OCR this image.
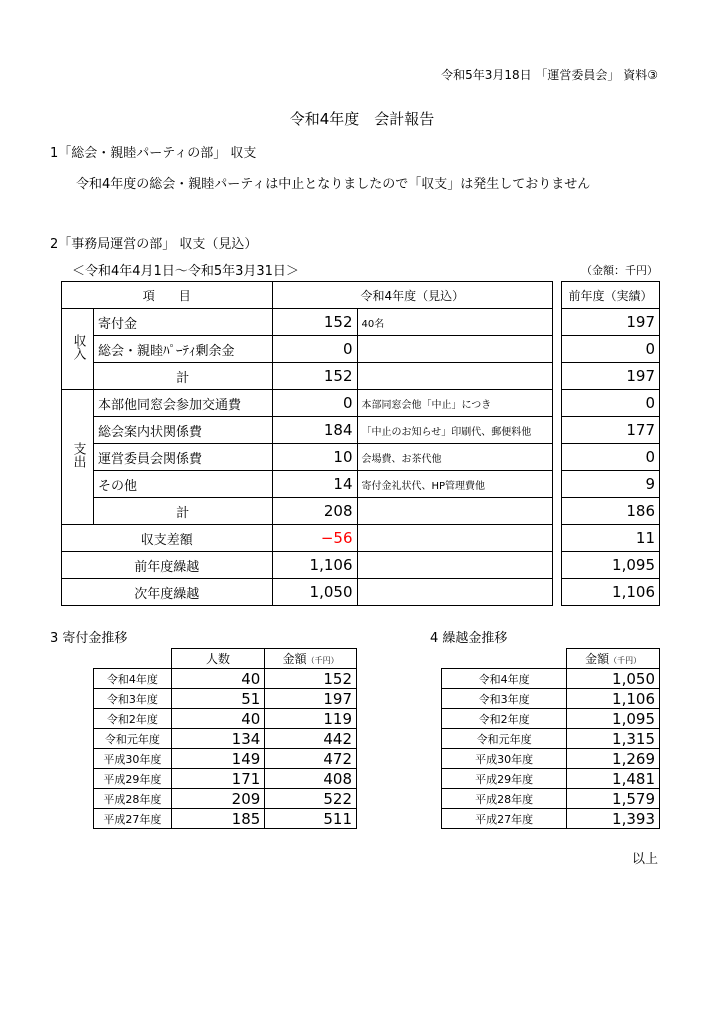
令和5年3月18日 「運営委員会」 資料③
令和4年度　会計報告
1「総会・親睦パーティの部」 収支
令和4年度の総会・親睦パーティは中止となりましたので「収支」は発生しておりません
2「事務局運営の部」 収支（見込）
＜令和4年4月1日～令和5年3月31日＞	（金額：千円）
項　　目		令和4年度（見込）			前年度（実績）
収入	寄付金	152	40名		197
	総会・親睦ﾊﾟｰﾃｨ剰余金	0			0
	計	152			197
支出	本部他同窓会参加交通費	0	本部同窓会他「中止」につき		0
	総会案内状関係費	184	「中止のお知らせ」印刷代、郵便料他		177
	運営委員会関係費	10	会場費、お茶代他		0
	その他	14	寄付金礼状代、HP管理費他		9
	計	208			186
収支差額		−56			11
前年度繰越		1,106			1,095
次年度繰越		1,050			1,106
3 寄付金推移
	人数	金額（千円）
令和4年度	40	152
令和3年度	51	197
令和2年度	40	119
令和元年度	134	442
平成30年度	149	472
平成29年度	171	408
平成28年度	209	522
平成27年度	185	511
4 繰越金推移
	金額（千円）
令和4年度	1,050
令和3年度	1,106
令和2年度	1,095
令和元年度	1,315
平成30年度	1,269
平成29年度	1,481
平成28年度	1,579
平成27年度	1,393
以上
